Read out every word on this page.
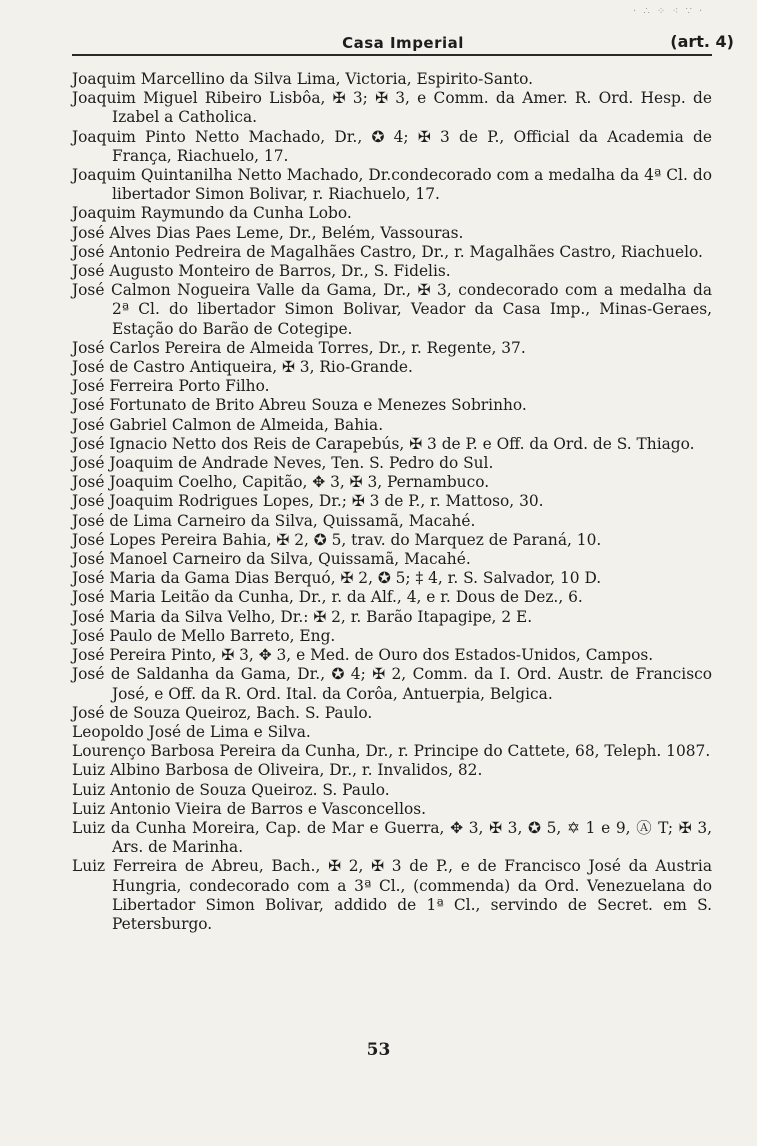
· ∴ ⁘ ⁖ ∵ ·
Casa Imperial	(art. 4)
Joaquim Marcellino da Silva Lima, Victoria, Espirito-Santo.
Joaquim Miguel Ribeiro Lisbôa, ✠ 3; ✠ 3, e Comm. da Amer. R. Ord. Hesp. de Izabel a Catholica.
Joaquim Pinto Netto Machado, Dr., ✪ 4; ✠ 3 de P., Official da Academia de França, Riachuelo, 17.
Joaquim Quintanilha Netto Machado, Dr.condecorado com a medalha da 4ª Cl. do libertador Simon Bolivar, r. Riachuelo, 17.
Joaquim Raymundo da Cunha Lobo.
José Alves Dias Paes Leme, Dr., Belém, Vassouras.
José Antonio Pedreira de Magalhães Castro, Dr., r. Magalhães Castro, Riachuelo.
José Augusto Monteiro de Barros, Dr., S. Fidelis.
José Calmon Nogueira Valle da Gama, Dr., ✠ 3, condecorado com a medalha da 2ª Cl. do libertador Simon Bolivar, Veador da Casa Imp., Minas-Geraes, Estação do Barão de Cotegipe.
José Carlos Pereira de Almeida Torres, Dr., r. Regente, 37.
José de Castro Antiqueira, ✠ 3, Rio-Grande.
José Ferreira Porto Filho.
José Fortunato de Brito Abreu Souza e Menezes Sobrinho.
José Gabriel Calmon de Almeida, Bahia.
José Ignacio Netto dos Reis de Carapebús, ✠ 3 de P. e Off. da Ord. de S. Thiago.
José Joaquim de Andrade Neves, Ten. S. Pedro do Sul.
José Joaquim Coelho, Capitão, ✥ 3, ✠ 3, Pernambuco.
José Joaquim Rodrigues Lopes, Dr.; ✠ 3 de P., r. Mattoso, 30.
José de Lima Carneiro da Silva, Quissamã, Macahé.
José Lopes Pereira Bahia, ✠ 2, ✪ 5, trav. do Marquez de Paraná, 10.
José Manoel Carneiro da Silva, Quissamã, Macahé.
José Maria da Gama Dias Berquó, ✠ 2, ✪ 5; ‡ 4, r. S. Salvador, 10 D.
José Maria Leitão da Cunha, Dr., r. da Alf., 4, e r. Dous de Dez., 6.
José Maria da Silva Velho, Dr.: ✠ 2, r. Barão Itapagipe, 2 E.
José Paulo de Mello Barreto, Eng.
José Pereira Pinto, ✠ 3, ✥ 3, e Med. de Ouro dos Estados-Unidos, Campos.
José de Saldanha da Gama, Dr., ✪ 4; ✠ 2, Comm. da I. Ord. Austr. de Francisco José, e Off. da R. Ord. Ital. da Corôa, Antuerpia, Belgica.
José de Souza Queiroz, Bach. S. Paulo.
Leopoldo José de Lima e Silva.
Lourenço Barbosa Pereira da Cunha, Dr., r. Principe do Cattete, 68, Teleph. 1087.
Luiz Albino Barbosa de Oliveira, Dr., r. Invalidos, 82.
Luiz Antonio de Souza Queiroz. S. Paulo.
Luiz Antonio Vieira de Barros e Vasconcellos.
Luiz da Cunha Moreira, Cap. de Mar e Guerra, ✥ 3, ✠ 3, ✪ 5, ✡ 1 e 9, Ⓐ T; ✠ 3, Ars. de Marinha.
Luiz Ferreira de Abreu, Bach., ✠ 2, ✠ 3 de P., e de Francisco José da Austria Hungria, condecorado com a 3ª Cl., (commenda) da Ord. Venezuelana do Libertador Simon Bolivar, addido de 1ª Cl., servindo de Secret. em S. Petersburgo.
53
